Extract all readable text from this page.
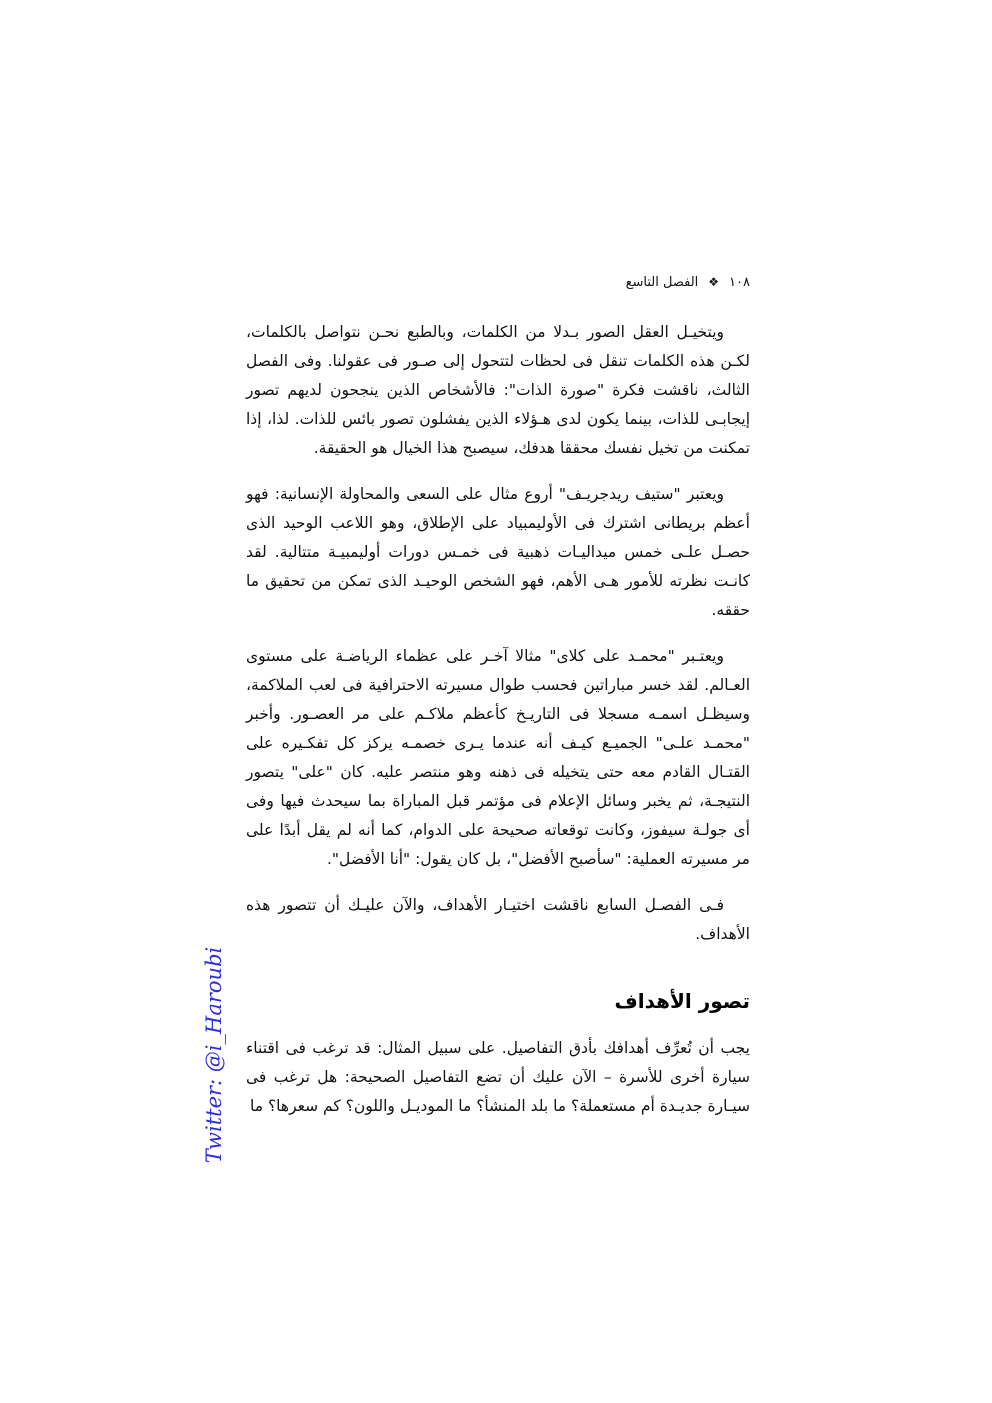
١٠٨
❖
الفصل التاسع

ويتخيـل العقل الصور بـدلا من الكلمات، وبالطبع نحـن نتواصل بالكلمات، لكـن هذه الكلمات تنقل فى لحظات لتتحول إلى صـور فى عقولنا. وفى الفصل الثالث، ناقشت فكرة "صورة الذات": فالأشخاص الذين ينجحون لديهم تصور إيجابـى للذات، بينما يكون لدى هـؤلاء الذين يفشلون تصور بائس للذات. لذا، إذا تمكنت من تخيل نفسك محققا هدفك، سيصبح هذا الخيال هو الحقيقة.

ويعتبر "ستيف ريدجريـف" أروع مثال على السعى والمحاولة الإنسانية: فهو أعظم بريطانى اشترك فى الأوليمبياد على الإطلاق، وهو اللاعب الوحيد الذى حصـل علـى خمس ميداليـات ذهبية فى خمـس دورات أوليمبيـة متتالية. لقد كانـت نظرته للأمور هـى الأهم، فهو الشخص الوحيـد الذى تمكن من تحقيق ما حققه.

ويعتـبر "محمـد على كلاى" مثالا آخـر على عظماء الرياضـة على مستوى العـالم. لقد خسر مباراتين فحسب طوال مسيرته الاحترافية فى لعب الملاكمة، وسيظـل اسمـه مسجلا فى التاريـخ كأعظم ملاكـم على مر العصـور. وأخبر "محمـد علـى" الجميـع كيـف أنه عندما يـرى خصمـه يركز كل تفكـيره على القتـال القادم معه حتى يتخيله فى ذهنه وهو منتصر عليه. كان "على" يتصور النتيجـة، ثم يخبر وسائل الإعلام فى مؤتمر قبل المباراة بما سيحدث فيها وفى أى جولـة سيفوز، وكانت توقعاته صحيحة على الدوام، كما أنه لم يقل أبدًا على مر مسيرته العملية: "سأصبح الأفضل"، بل كان يقول: "أنا الأفضل".

فـى الفصـل السابع ناقشت اختيـار الأهداف، والآن عليـك أن تتصور هذه الأهداف.

تصور الأهداف

يجب أن تُعرِّف أهدافك بأدق التفاصيل. على سبيل المثال: قد ترغب فى اقتناء سيارة أخرى للأسرة – الآن عليك أن تضع التفاصيل الصحيحة: هل ترغب فى سيـارة جديـدة أم مستعملة؟ ما بلد المنشأ؟ ما الموديـل واللون؟ كم سعرها؟ ما

Twitter: @i_Haroubi
